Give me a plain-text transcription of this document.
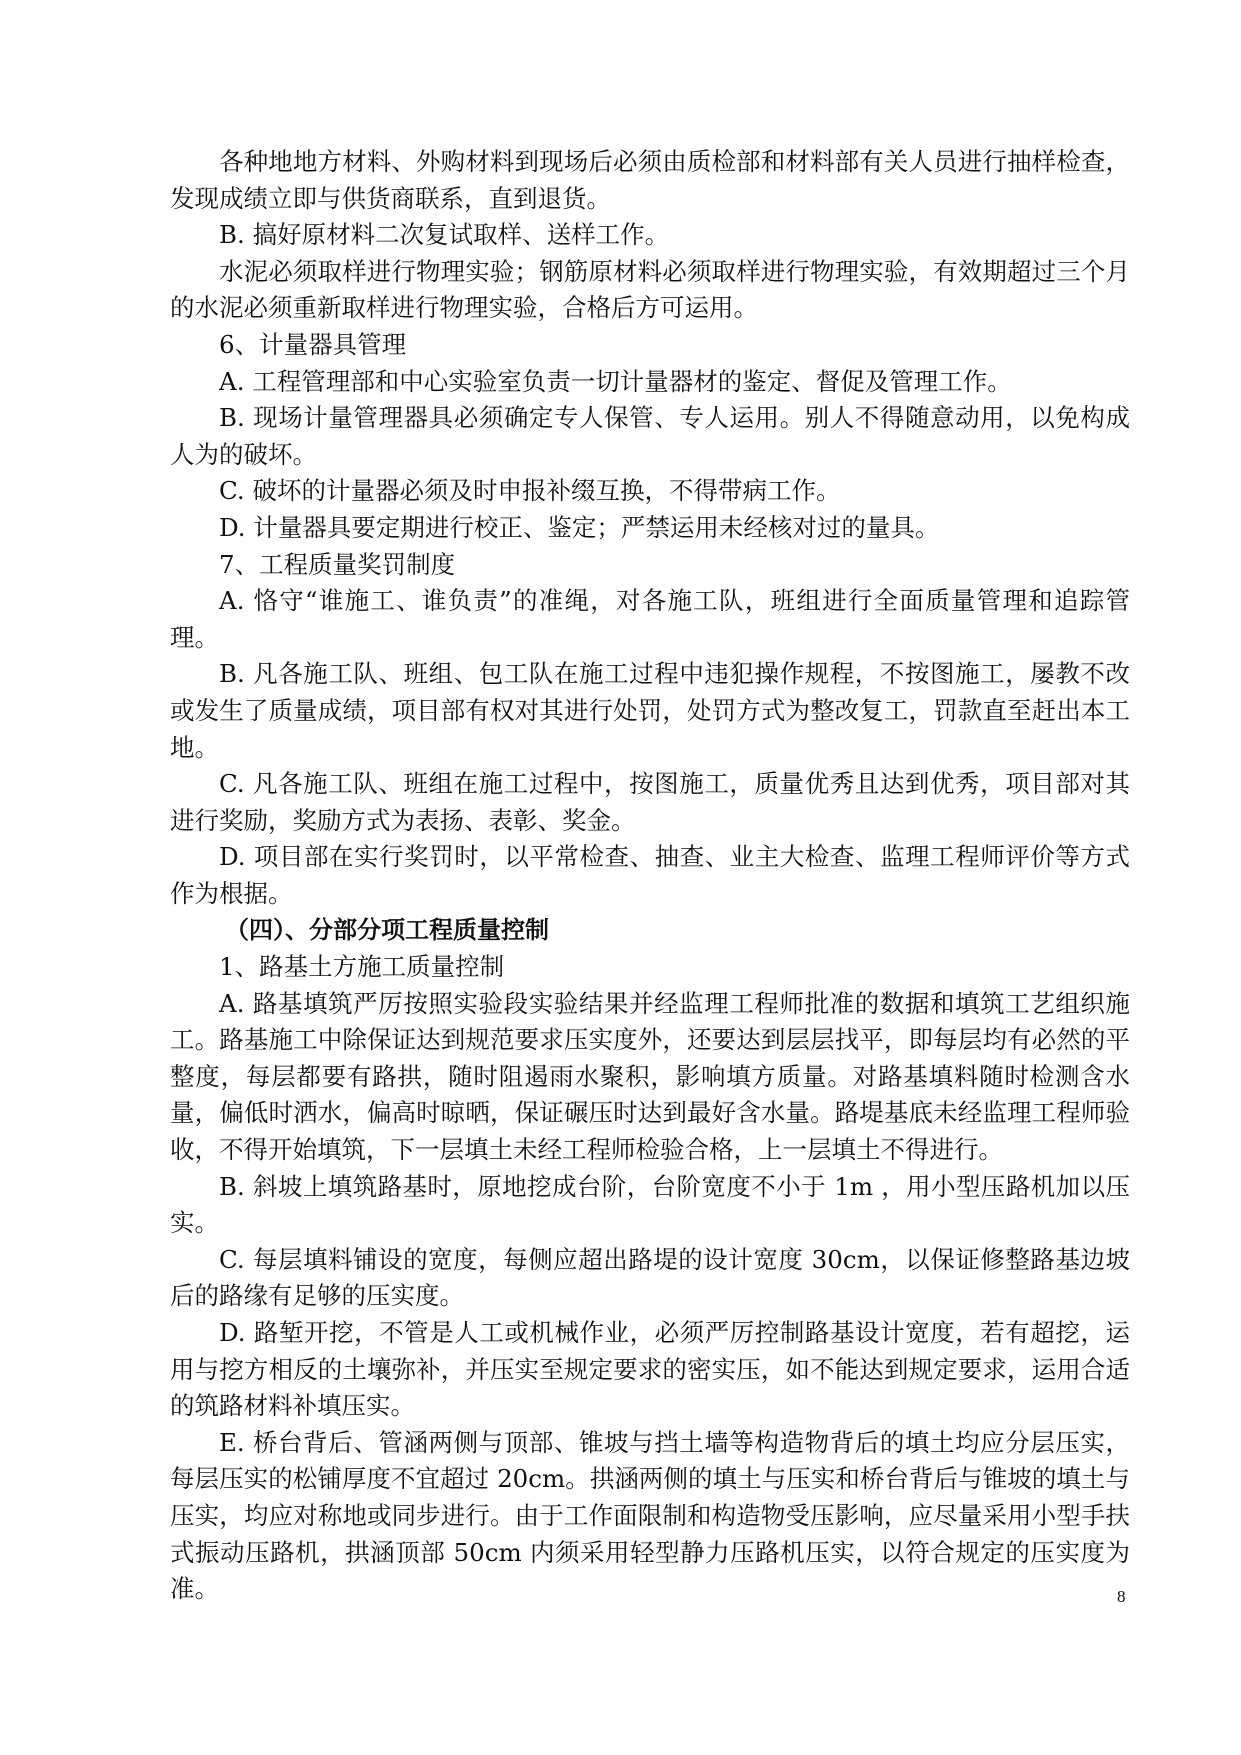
各种地地方材料、外购材料到现场后必须由质检部和材料部有关人员进行抽样检查，发现成绩立即与供货商联系，直到退货。

B. 搞好原材料二次复试取样、送样工作。

水泥必须取样进行物理实验；钢筋原材料必须取样进行物理实验，有效期超过三个月的水泥必须重新取样进行物理实验，合格后方可运用。

6、计量器具管理

A. 工程管理部和中心实验室负责一切计量器材的鉴定、督促及管理工作。

B. 现场计量管理器具必须确定专人保管、专人运用。别人不得随意动用，以免构成人为的破坏。

C. 破坏的计量器必须及时申报补缀互换，不得带病工作。

D. 计量器具要定期进行校正、鉴定；严禁运用未经核对过的量具。

7、工程质量奖罚制度

A. 恪守“谁施工、谁负责”的准绳，对各施工队，班组进行全面质量管理和追踪管理。

B. 凡各施工队、班组、包工队在施工过程中违犯操作规程，不按图施工，屡教不改或发生了质量成绩，项目部有权对其进行处罚，处罚方式为整改复工，罚款直至赶出本工地。

C. 凡各施工队、班组在施工过程中，按图施工，质量优秀且达到优秀，项目部对其进行奖励，奖励方式为表扬、表彰、奖金。

D. 项目部在实行奖罚时，以平常检查、抽查、业主大检查、监理工程师评价等方式作为根据。

（四）、分部分项工程质量控制

1、路基土方施工质量控制

A. 路基填筑严厉按照实验段实验结果并经监理工程师批准的数据和填筑工艺组织施工。路基施工中除保证达到规范要求压实度外，还要达到层层找平，即每层均有必然的平整度，每层都要有路拱，随时阻遏雨水聚积，影响填方质量。对路基填料随时检测含水量，偏低时洒水，偏高时晾晒，保证碾压时达到最好含水量。路堤基底未经监理工程师验收，不得开始填筑，下一层填土未经工程师检验合格，上一层填土不得进行。

B. 斜坡上填筑路基时，原地挖成台阶，台阶宽度不小于 1m ，用小型压路机加以压实。

C. 每层填料铺设的宽度，每侧应超出路堤的设计宽度 30cm，以保证修整路基边坡后的路缘有足够的压实度。

D. 路堑开挖，不管是人工或机械作业，必须严厉控制路基设计宽度，若有超挖，运用与挖方相反的土壤弥补，并压实至规定要求的密实压，如不能达到规定要求，运用合适的筑路材料补填压实。

E. 桥台背后、管涵两侧与顶部、锥坡与挡土墙等构造物背后的填土均应分层压实，每层压实的松铺厚度不宜超过 20cm。拱涵两侧的填土与压实和桥台背后与锥坡的填土与压实，均应对称地或同步进行。由于工作面限制和构造物受压影响，应尽量采用小型手扶式振动压路机，拱涵顶部 50cm 内须采用轻型静力压路机压实，以符合规定的压实度为准。	8
